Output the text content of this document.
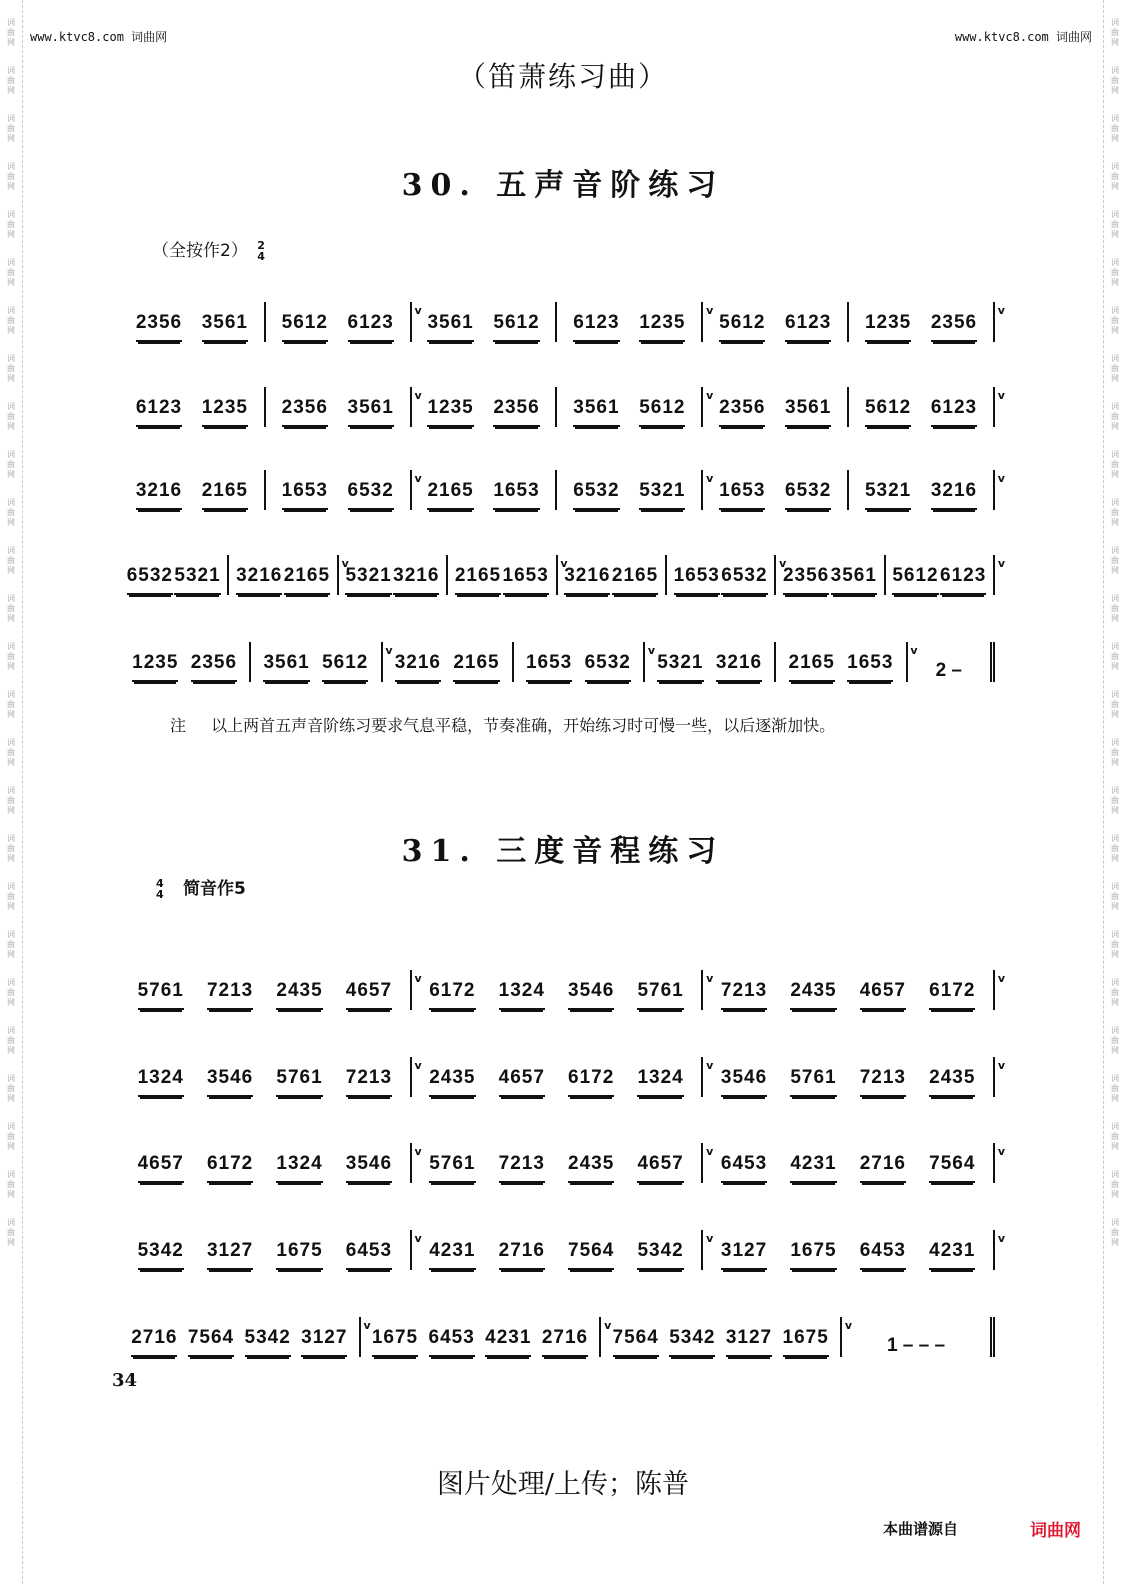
词
曲
网
词
曲
网
词
曲
网
词
曲
网
词
曲
网
词
曲
网
词
曲
网
词
曲
网
词
曲
网
词
曲
网
词
曲
网
词
曲
网
词
曲
网
词
曲
网
词
曲
网
词
曲
网
词
曲
网
词
曲
网
词
曲
网
词
曲
网
词
曲
网
词
曲
网
词
曲
网
词
曲
网
词
曲
网
词
曲
网
词
曲
网
词
曲
网
词
曲
网
词
曲
网
词
曲
网
词
曲
网
词
曲
网
词
曲
网
词
曲
网
词
曲
网
词
曲
网
词
曲
网
词
曲
网
词
曲
网
词
曲
网
词
曲
网
词
曲
网
词
曲
网
词
曲
网
词
曲
网
词
曲
网
词
曲
网
词
曲
网
词
曲
网
词
曲
网
词
曲
网
www.ktvc8.com 词曲网	www.ktvc8.com 词曲网
（笛萧练习曲）
30. 五声音阶练习
（全按作2） 2
4
2356 3561 5612 6123
v
3561 5612 6123 1235
v
5612 6123 1235 2356
v
6123 1235 2356 3561
v
1235 2356 3561 5612
v
2356 3561 5612 6123
v
3216 2165 1653 6532
v
2165 1653 6532 5321
v
1653 6532 5321 3216
v
6532 5321 3216 2165
v
5321 3216 2165 1653
v
3216 2165 1653 6532
v
2356 3561 5612 6123
v
1235 2356 3561 5612
v
3216 2165 1653 6532
v
5321 3216 2165 1653
v
2 –
注 以上两首五声音阶练习要求气息平稳，节奏准确，开始练习时可慢一些，以后逐渐加快。
31. 三度音程练习
4
4 简音作5
5761 7213 2435 4657
v
6172 1324 3546 5761
v
7213 2435 4657 6172
v
1324 3546 5761 7213
v
2435 4657 6172 1324
v
3546 5761 7213 2435
v
4657 6172 1324 3546
v
5761 7213 2435 4657
v
6453 4231 2716 7564
v
5342 3127 1675 6453
v
4231 2716 7564 5342
v
3127 1675 6453 4231
v
2716 7564 5342 3127
v
1675 6453 4231 2716
v
7564 5342 3127 1675
v
1 – – –
34
图片处理/上传；陈普
本曲谱源自	词曲网
